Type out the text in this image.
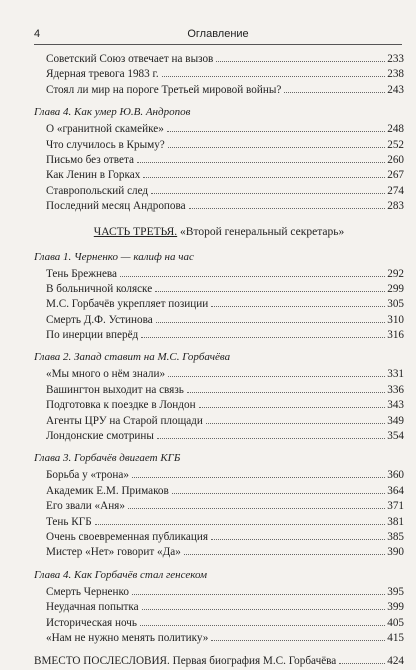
4	Оглавление
Советский Союз отвечает на вызов	233
Ядерная тревога 1983 г.	238
Стоял ли мир на пороге Третьей мировой войны?	243
Глава 4. Как умер Ю.В. Андропов
О «гранитной скамейке»	248
Что случилось в Крыму?	252
Письмо без ответа	260
Как Ленин в Горках	267
Ставропольский след	274
Последний месяц Андропова	283
ЧАСТЬ ТРЕТЬЯ. «Второй генеральный секретарь»
Глава 1. Черненко — калиф на час
Тень Брежнева	292
В больничной коляске	299
М.С. Горбачёв укрепляет позиции	305
Смерть Д.Ф. Устинова	310
По инерции вперёд	316
Глава 2. Запад ставит на М.С. Горбачёва
«Мы много о нём знали»	331
Вашингтон выходит на связь	336
Подготовка к поездке в Лондон	343
Агенты ЦРУ на Старой площади	349
Лондонские смотрины	354
Глава 3. Горбачёв двигает КГБ
Борьба у «трона»	360
Академик Е.М. Примаков	364
Его звали «Аня»	371
Тень КГБ	381
Очень своевременная публикация	385
Мистер «Нет» говорит «Да»	390
Глава 4. Как Горбачёв стал генсеком
Смерть Черненко	395
Неудачная попытка	399
Историческая ночь	405
«Нам не нужно менять политику»	415
ВМЕСТО ПОСЛЕСЛОВИЯ. Первая биография М.С. Горбачёва	424
